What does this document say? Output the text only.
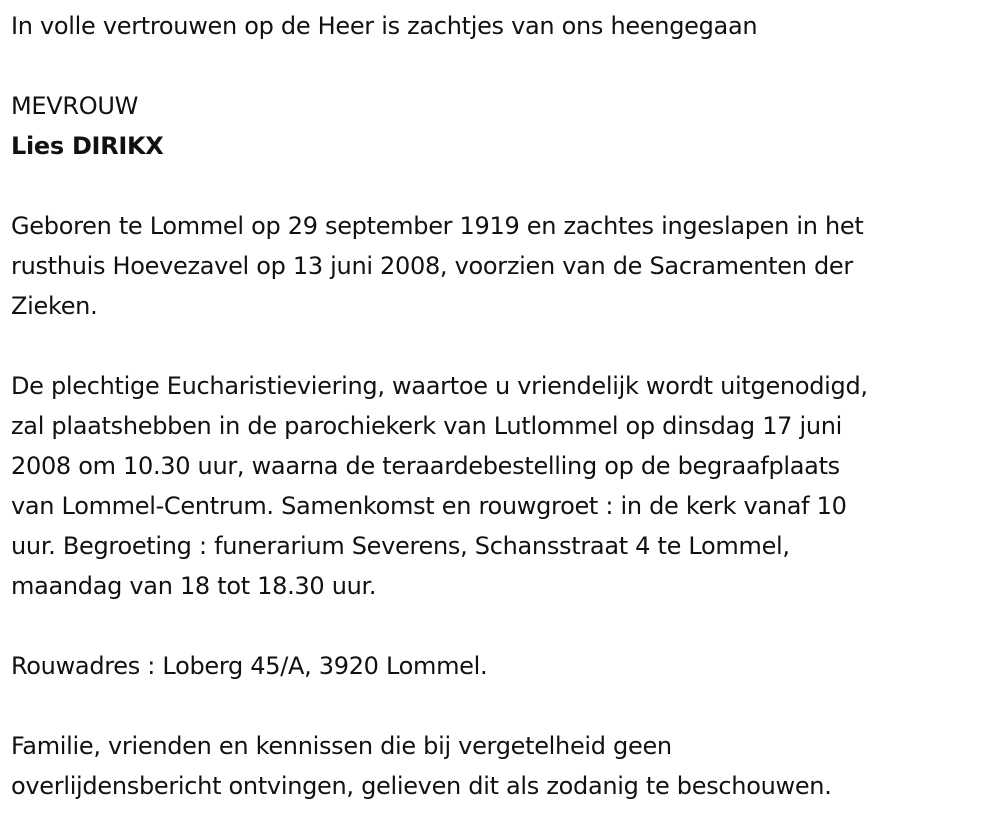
In volle vertrouwen op de Heer is zachtjes van ons heengegaan

MEVROUW

Lies DIRIKX

Geboren te Lommel op 29 september 1919 en zachtes ingeslapen in het

rusthuis Hoevezavel op 13 juni 2008, voorzien van de Sacramenten der

Zieken.

De plechtige Eucharistieviering, waartoe u vriendelijk wordt uitgenodigd,

zal plaatshebben in de parochiekerk van Lutlommel op dinsdag 17 juni

2008 om 10.30 uur, waarna de teraardebestelling op de begraafplaats

van Lommel-Centrum. Samenkomst en rouwgroet : in de kerk vanaf 10

uur. Begroeting : funerarium Severens, Schansstraat 4 te Lommel,

maandag van 18 tot 18.30 uur.

Rouwadres : Loberg 45/A, 3920 Lommel.

Familie, vrienden en kennissen die bij vergetelheid geen

overlijdensbericht ontvingen, gelieven dit als zodanig te beschouwen.
